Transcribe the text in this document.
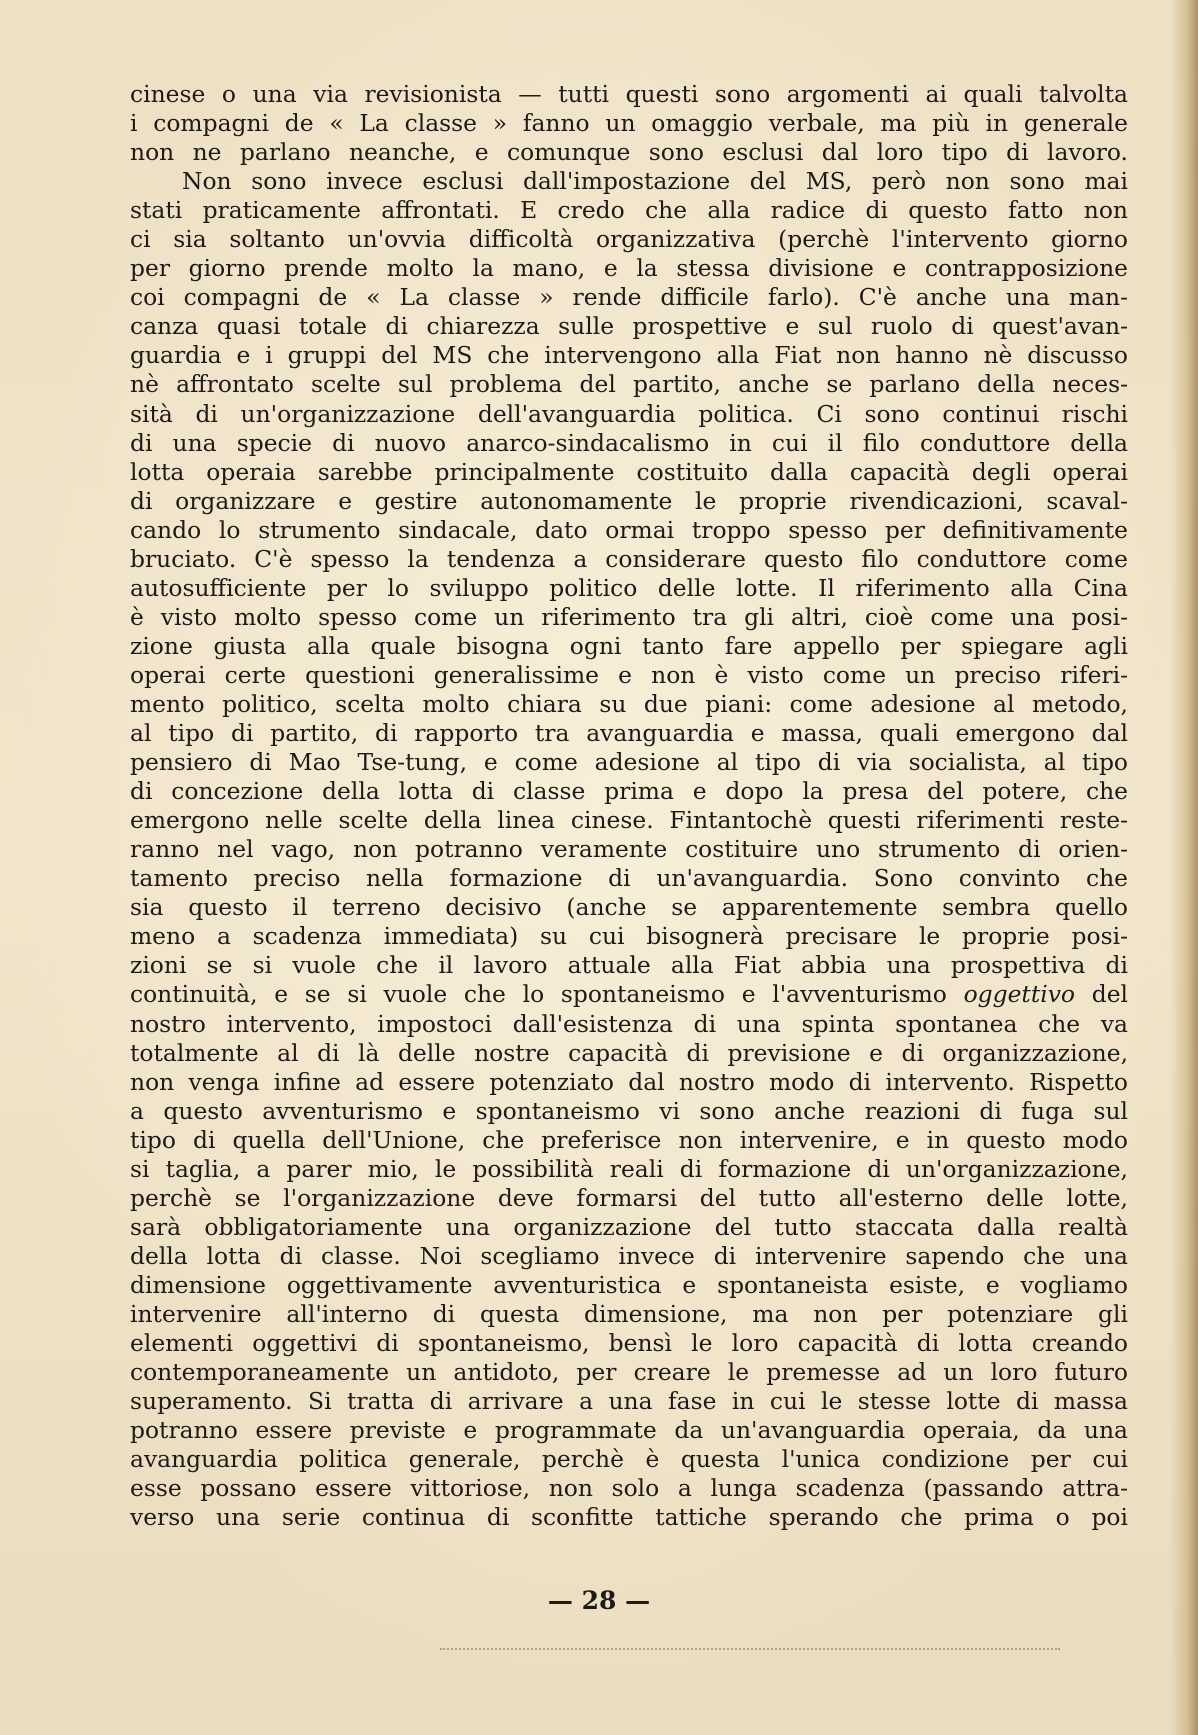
cinese o una via revisionista — tutti questi sono argomenti ai quali talvolta
i compagni de « La classe » fanno un omaggio verbale, ma più in generale
non ne parlano neanche, e comunque sono esclusi dal loro tipo di lavoro.
Non sono invece esclusi dall'impostazione del MS, però non sono mai
stati praticamente affrontati. E credo che alla radice di questo fatto non
ci sia soltanto un'ovvia difficoltà organizzativa (perchè l'intervento giorno
per giorno prende molto la mano, e la stessa divisione e contrapposizione
coi compagni de « La classe » rende difficile farlo). C'è anche una man-
canza quasi totale di chiarezza sulle prospettive e sul ruolo di quest'avan-
guardia e i gruppi del MS che intervengono alla Fiat non hanno nè discusso
nè affrontato scelte sul problema del partito, anche se parlano della neces-
sità di un'organizzazione dell'avanguardia politica. Ci sono continui rischi
di una specie di nuovo anarco-sindacalismo in cui il filo conduttore della
lotta operaia sarebbe principalmente costituito dalla capacità degli operai
di organizzare e gestire autonomamente le proprie rivendicazioni, scaval-
cando lo strumento sindacale, dato ormai troppo spesso per definitivamente
bruciato. C'è spesso la tendenza a considerare questo filo conduttore come
autosufficiente per lo sviluppo politico delle lotte. Il riferimento alla Cina
è visto molto spesso come un riferimento tra gli altri, cioè come una posi-
zione giusta alla quale bisogna ogni tanto fare appello per spiegare agli
operai certe questioni generalissime e non è visto come un preciso riferi-
mento politico, scelta molto chiara su due piani: come adesione al metodo,
al tipo di partito, di rapporto tra avanguardia e massa, quali emergono dal
pensiero di Mao Tse-tung, e come adesione al tipo di via socialista, al tipo
di concezione della lotta di classe prima e dopo la presa del potere, che
emergono nelle scelte della linea cinese. Fintantochè questi riferimenti reste-
ranno nel vago, non potranno veramente costituire uno strumento di orien-
tamento preciso nella formazione di un'avanguardia. Sono convinto che
sia questo il terreno decisivo (anche se apparentemente sembra quello
meno a scadenza immediata) su cui bisognerà precisare le proprie posi-
zioni se si vuole che il lavoro attuale alla Fiat abbia una prospettiva di
continuità, e se si vuole che lo spontaneismo e l'avventurismo oggettivo del
nostro intervento, impostoci dall'esistenza di una spinta spontanea che va
totalmente al di là delle nostre capacità di previsione e di organizzazione,
non venga infine ad essere potenziato dal nostro modo di intervento. Rispetto
a questo avventurismo e spontaneismo vi sono anche reazioni di fuga sul
tipo di quella dell'Unione, che preferisce non intervenire, e in questo modo
si taglia, a parer mio, le possibilità reali di formazione di un'organizzazione,
perchè se l'organizzazione deve formarsi del tutto all'esterno delle lotte,
sarà obbligatoriamente una organizzazione del tutto staccata dalla realtà
della lotta di classe. Noi scegliamo invece di intervenire sapendo che una
dimensione oggettivamente avventuristica e spontaneista esiste, e vogliamo
intervenire all'interno di questa dimensione, ma non per potenziare gli
elementi oggettivi di spontaneismo, bensì le loro capacità di lotta creando
contemporaneamente un antidoto, per creare le premesse ad un loro futuro
superamento. Si tratta di arrivare a una fase in cui le stesse lotte di massa
potranno essere previste e programmate da un'avanguardia operaia, da una
avanguardia politica generale, perchè è questa l'unica condizione per cui
esse possano essere vittoriose, non solo a lunga scadenza (passando attra-
verso una serie continua di sconfitte tattiche sperando che prima o poi
— 28 —
